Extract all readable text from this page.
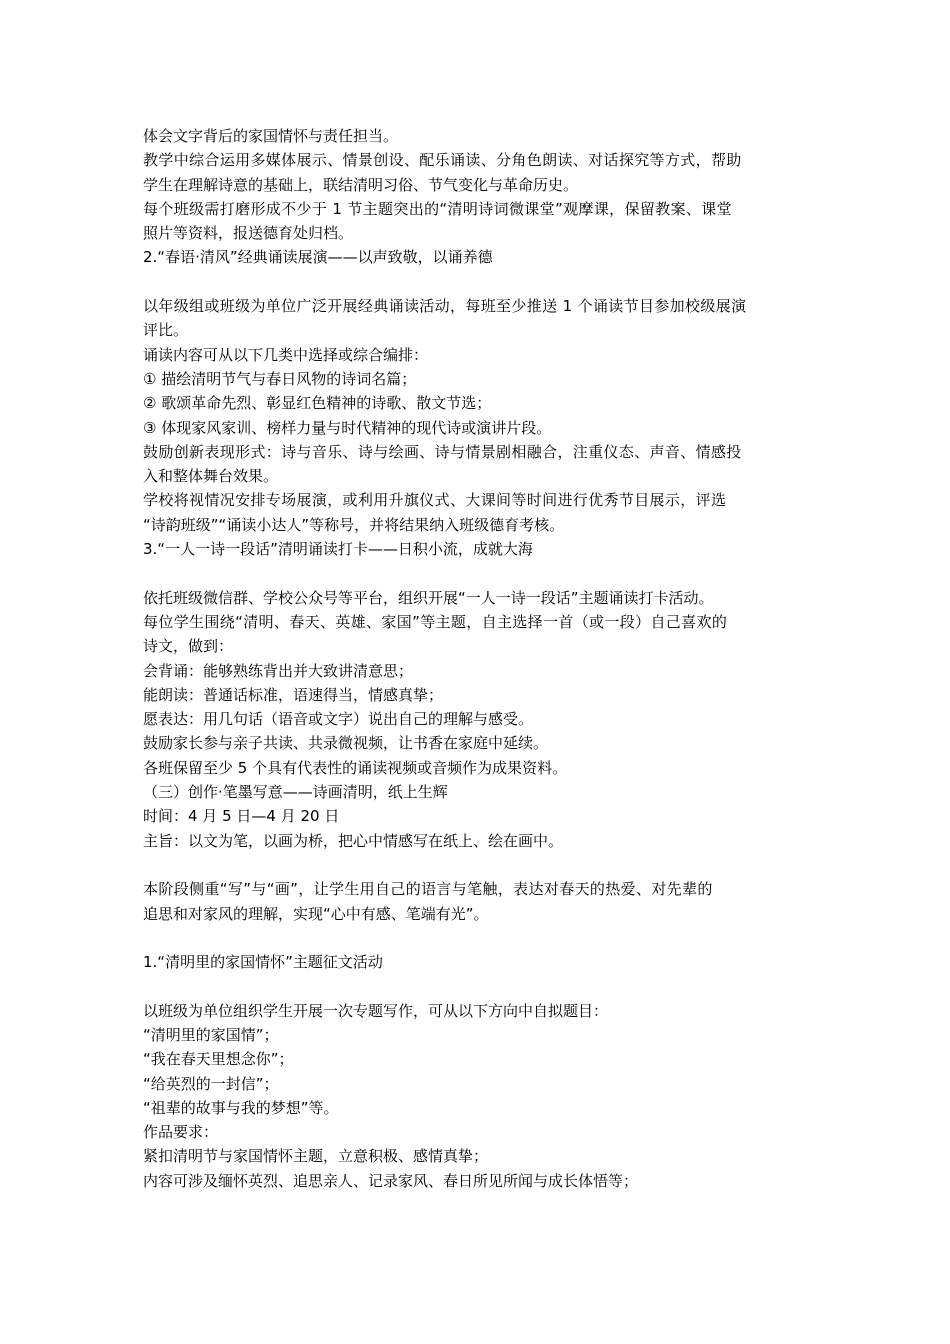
体会文字背后的家国情怀与责任担当。
教学中综合运用多媒体展示、情景创设、配乐诵读、分角色朗读、对话探究等方式，帮助
学生在理解诗意的基础上，联结清明习俗、节气变化与革命历史。
每个班级需打磨形成不少于 1 节主题突出的“清明诗词微课堂”观摩课，保留教案、课堂
照片等资料，报送德育处归档。
2.“春语·清风”经典诵读展演——以声致敬，以诵养德
以年级组或班级为单位广泛开展经典诵读活动，每班至少推送 1 个诵读节目参加校级展演
评比。
诵读内容可从以下几类中选择或综合编排：
① 描绘清明节气与春日风物的诗词名篇；
② 歌颂革命先烈、彰显红色精神的诗歌、散文节选；
③ 体现家风家训、榜样力量与时代精神的现代诗或演讲片段。
鼓励创新表现形式：诗与音乐、诗与绘画、诗与情景剧相融合，注重仪态、声音、情感投
入和整体舞台效果。
学校将视情况安排专场展演，或利用升旗仪式、大课间等时间进行优秀节目展示，评选
“诗韵班级”“诵读小达人”等称号，并将结果纳入班级德育考核。
3.“一人一诗一段话”清明诵读打卡——日积小流，成就大海
依托班级微信群、学校公众号等平台，组织开展“一人一诗一段话”主题诵读打卡活动。
每位学生围绕“清明、春天、英雄、家国”等主题，自主选择一首（或一段）自己喜欢的
诗文，做到：
会背诵：能够熟练背出并大致讲清意思；
能朗读：普通话标准，语速得当，情感真挚；
愿表达：用几句话（语音或文字）说出自己的理解与感受。
鼓励家长参与亲子共读、共录微视频，让书香在家庭中延续。
各班保留至少 5 个具有代表性的诵读视频或音频作为成果资料。
（三）创作·笔墨写意——诗画清明，纸上生辉
时间：4 月 5 日—4 月 20 日
主旨：以文为笔，以画为桥，把心中情感写在纸上、绘在画中。
本阶段侧重“写”与“画”，让学生用自己的语言与笔触，表达对春天的热爱、对先辈的
追思和对家风的理解，实现“心中有感、笔端有光”。
1.“清明里的家国情怀”主题征文活动
以班级为单位组织学生开展一次专题写作，可从以下方向中自拟题目：
“清明里的家国情”；
“我在春天里想念你”；
“给英烈的一封信”；
“祖辈的故事与我的梦想”等。
作品要求：
紧扣清明节与家国情怀主题，立意积极、感情真挚；
内容可涉及缅怀英烈、追思亲人、记录家风、春日所见所闻与成长体悟等；
